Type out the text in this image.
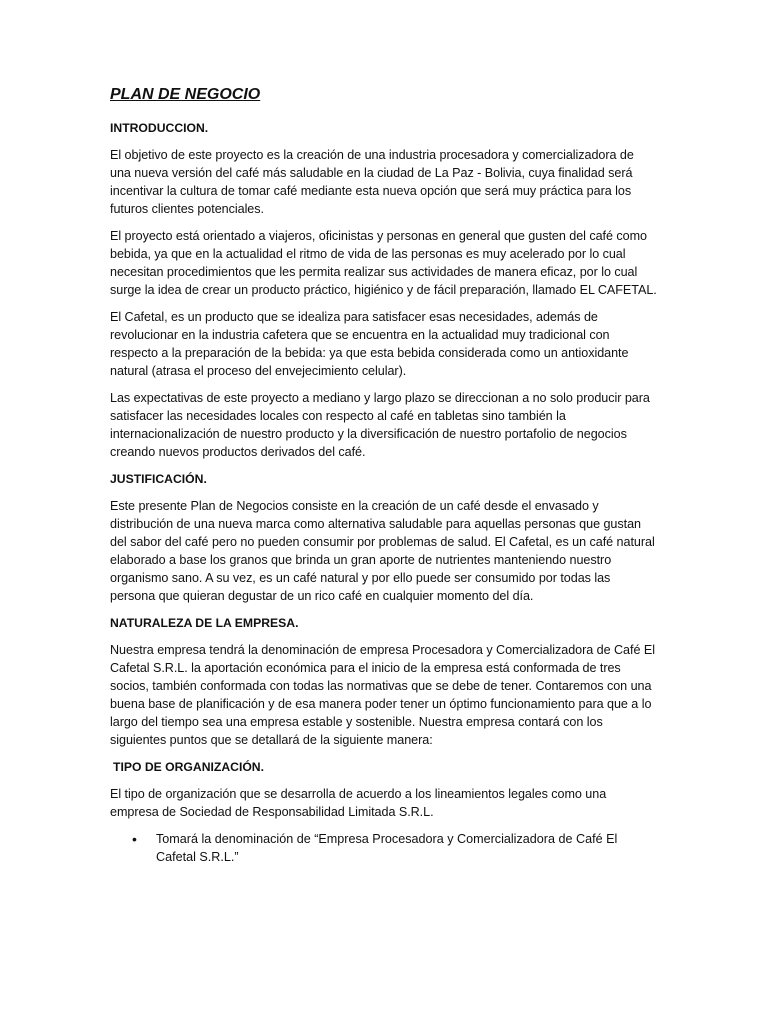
PLAN DE NEGOCIO
INTRODUCCION.

El objetivo de este proyecto es la creación de una industria procesadora y comercializadora de una nueva versión del café más saludable en la ciudad de La Paz - Bolivia, cuya finalidad será incentivar la cultura de tomar café mediante esta nueva opción que será muy práctica para los futuros clientes potenciales.

El proyecto está orientado a viajeros, oficinistas y personas en general que gusten del café como bebida, ya que en la actualidad el ritmo de vida de las personas es muy acelerado por lo cual necesitan procedimientos que les permita realizar sus actividades de manera eficaz, por lo cual surge la idea de crear un producto práctico, higiénico y de fácil preparación, llamado EL CAFETAL.

El Cafetal, es un producto que se idealiza para satisfacer esas necesidades, además de revolucionar en la industria cafetera que se encuentra en la actualidad muy tradicional con respecto a la preparación de la bebida: ya que esta bebida considerada como un antioxidante natural (atrasa el proceso del envejecimiento celular).

Las expectativas de este proyecto a mediano y largo plazo se direccionan a no solo producir para satisfacer las necesidades locales con respecto al café en tabletas sino también la internacionalización de nuestro producto y la diversificación de nuestro portafolio de negocios creando nuevos productos derivados del café.

JUSTIFICACIÓN.

Este presente Plan de Negocios consiste en la creación de un café desde el envasado y distribución de una nueva marca como alternativa saludable para aquellas personas que gustan del sabor del café pero no pueden consumir por problemas de salud. El Cafetal, es un café natural elaborado a base los granos que brinda un gran aporte de nutrientes manteniendo nuestro organismo sano. A su vez, es un café natural y por ello puede ser consumido por todas las persona que quieran degustar de un rico café en cualquier momento del día.

NATURALEZA DE LA EMPRESA.

Nuestra empresa tendrá la denominación de empresa Procesadora y Comercializadora de Café El Cafetal S.R.L. la aportación económica para el inicio de la empresa está conformada de tres socios, también conformada con todas las normativas que se debe de tener. Contaremos con una buena base de planificación y de esa manera poder tener un óptimo funcionamiento para que a lo largo del tiempo sea una empresa estable y sostenible. Nuestra empresa contará con los siguientes puntos que se detallará de la siguiente manera:

TIPO DE ORGANIZACIÓN.

El tipo de organización que se desarrolla de acuerdo a los lineamientos legales como una empresa de Sociedad de Responsabilidad Limitada S.R.L.

• Tomará la denominación de “Empresa Procesadora y Comercializadora de Café El Cafetal S.R.L.”
